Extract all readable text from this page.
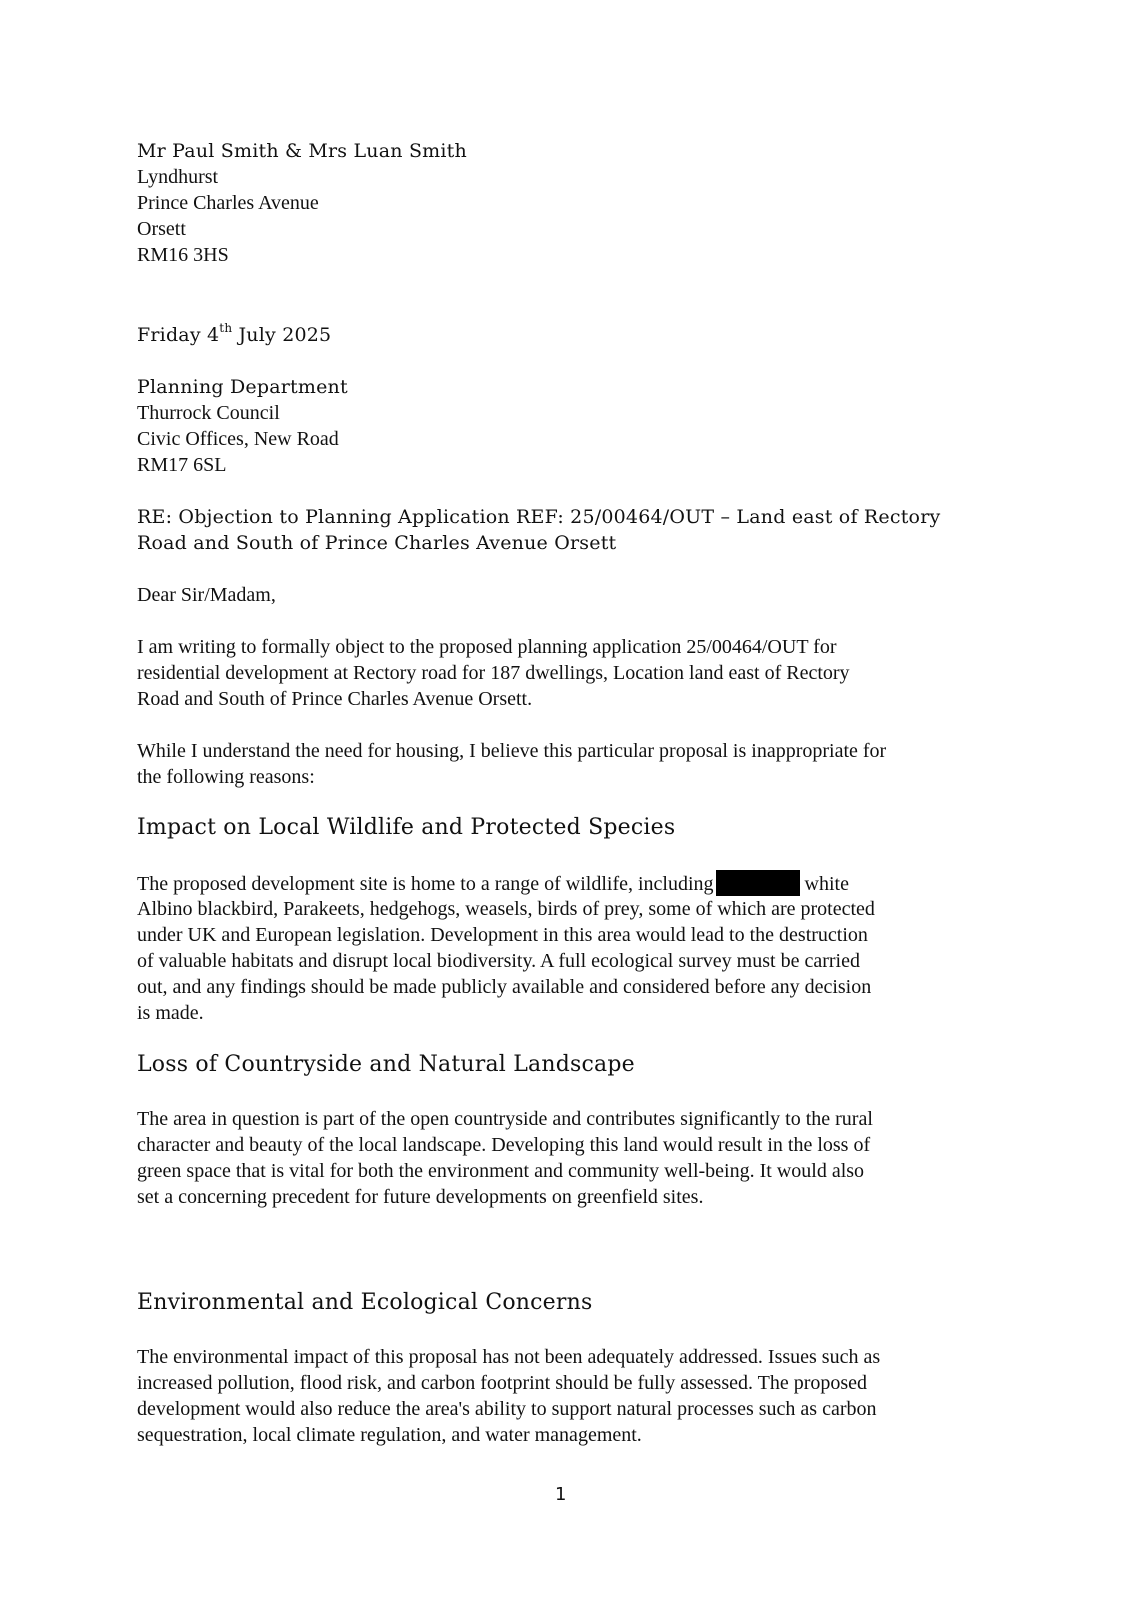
Mr Paul Smith & Mrs Luan Smith
Lyndhurst
Prince Charles Avenue
Orsett
RM16 3HS
Friday 4th July 2025
Planning Department
Thurrock Council
Civic Offices, New Road
RM17 6SL
RE: Objection to Planning Application REF: 25/00464/OUT – Land east of Rectory
Road and South of Prince Charles Avenue Orsett
Dear Sir/Madam,
I am writing to formally object to the proposed planning application 25/00464/OUT for
residential development at Rectory road for 187 dwellings, Location land east of Rectory
Road and South of Prince Charles Avenue Orsett.
While I understand the need for housing, I believe this particular proposal is inappropriate for
the following reasons:
Impact on Local Wildlife and Protected Species
The proposed development site is home to a range of wildlife, including	white
Albino blackbird, Parakeets, hedgehogs, weasels, birds of prey, some of which are protected
under UK and European legislation. Development in this area would lead to the destruction
of valuable habitats and disrupt local biodiversity. A full ecological survey must be carried
out, and any findings should be made publicly available and considered before any decision
is made.
Loss of Countryside and Natural Landscape
The area in question is part of the open countryside and contributes significantly to the rural
character and beauty of the local landscape. Developing this land would result in the loss of
green space that is vital for both the environment and community well-being. It would also
set a concerning precedent for future developments on greenfield sites.
Environmental and Ecological Concerns
The environmental impact of this proposal has not been adequately addressed. Issues such as
increased pollution, flood risk, and carbon footprint should be fully assessed. The proposed
development would also reduce the area's ability to support natural processes such as carbon
sequestration, local climate regulation, and water management.
1
